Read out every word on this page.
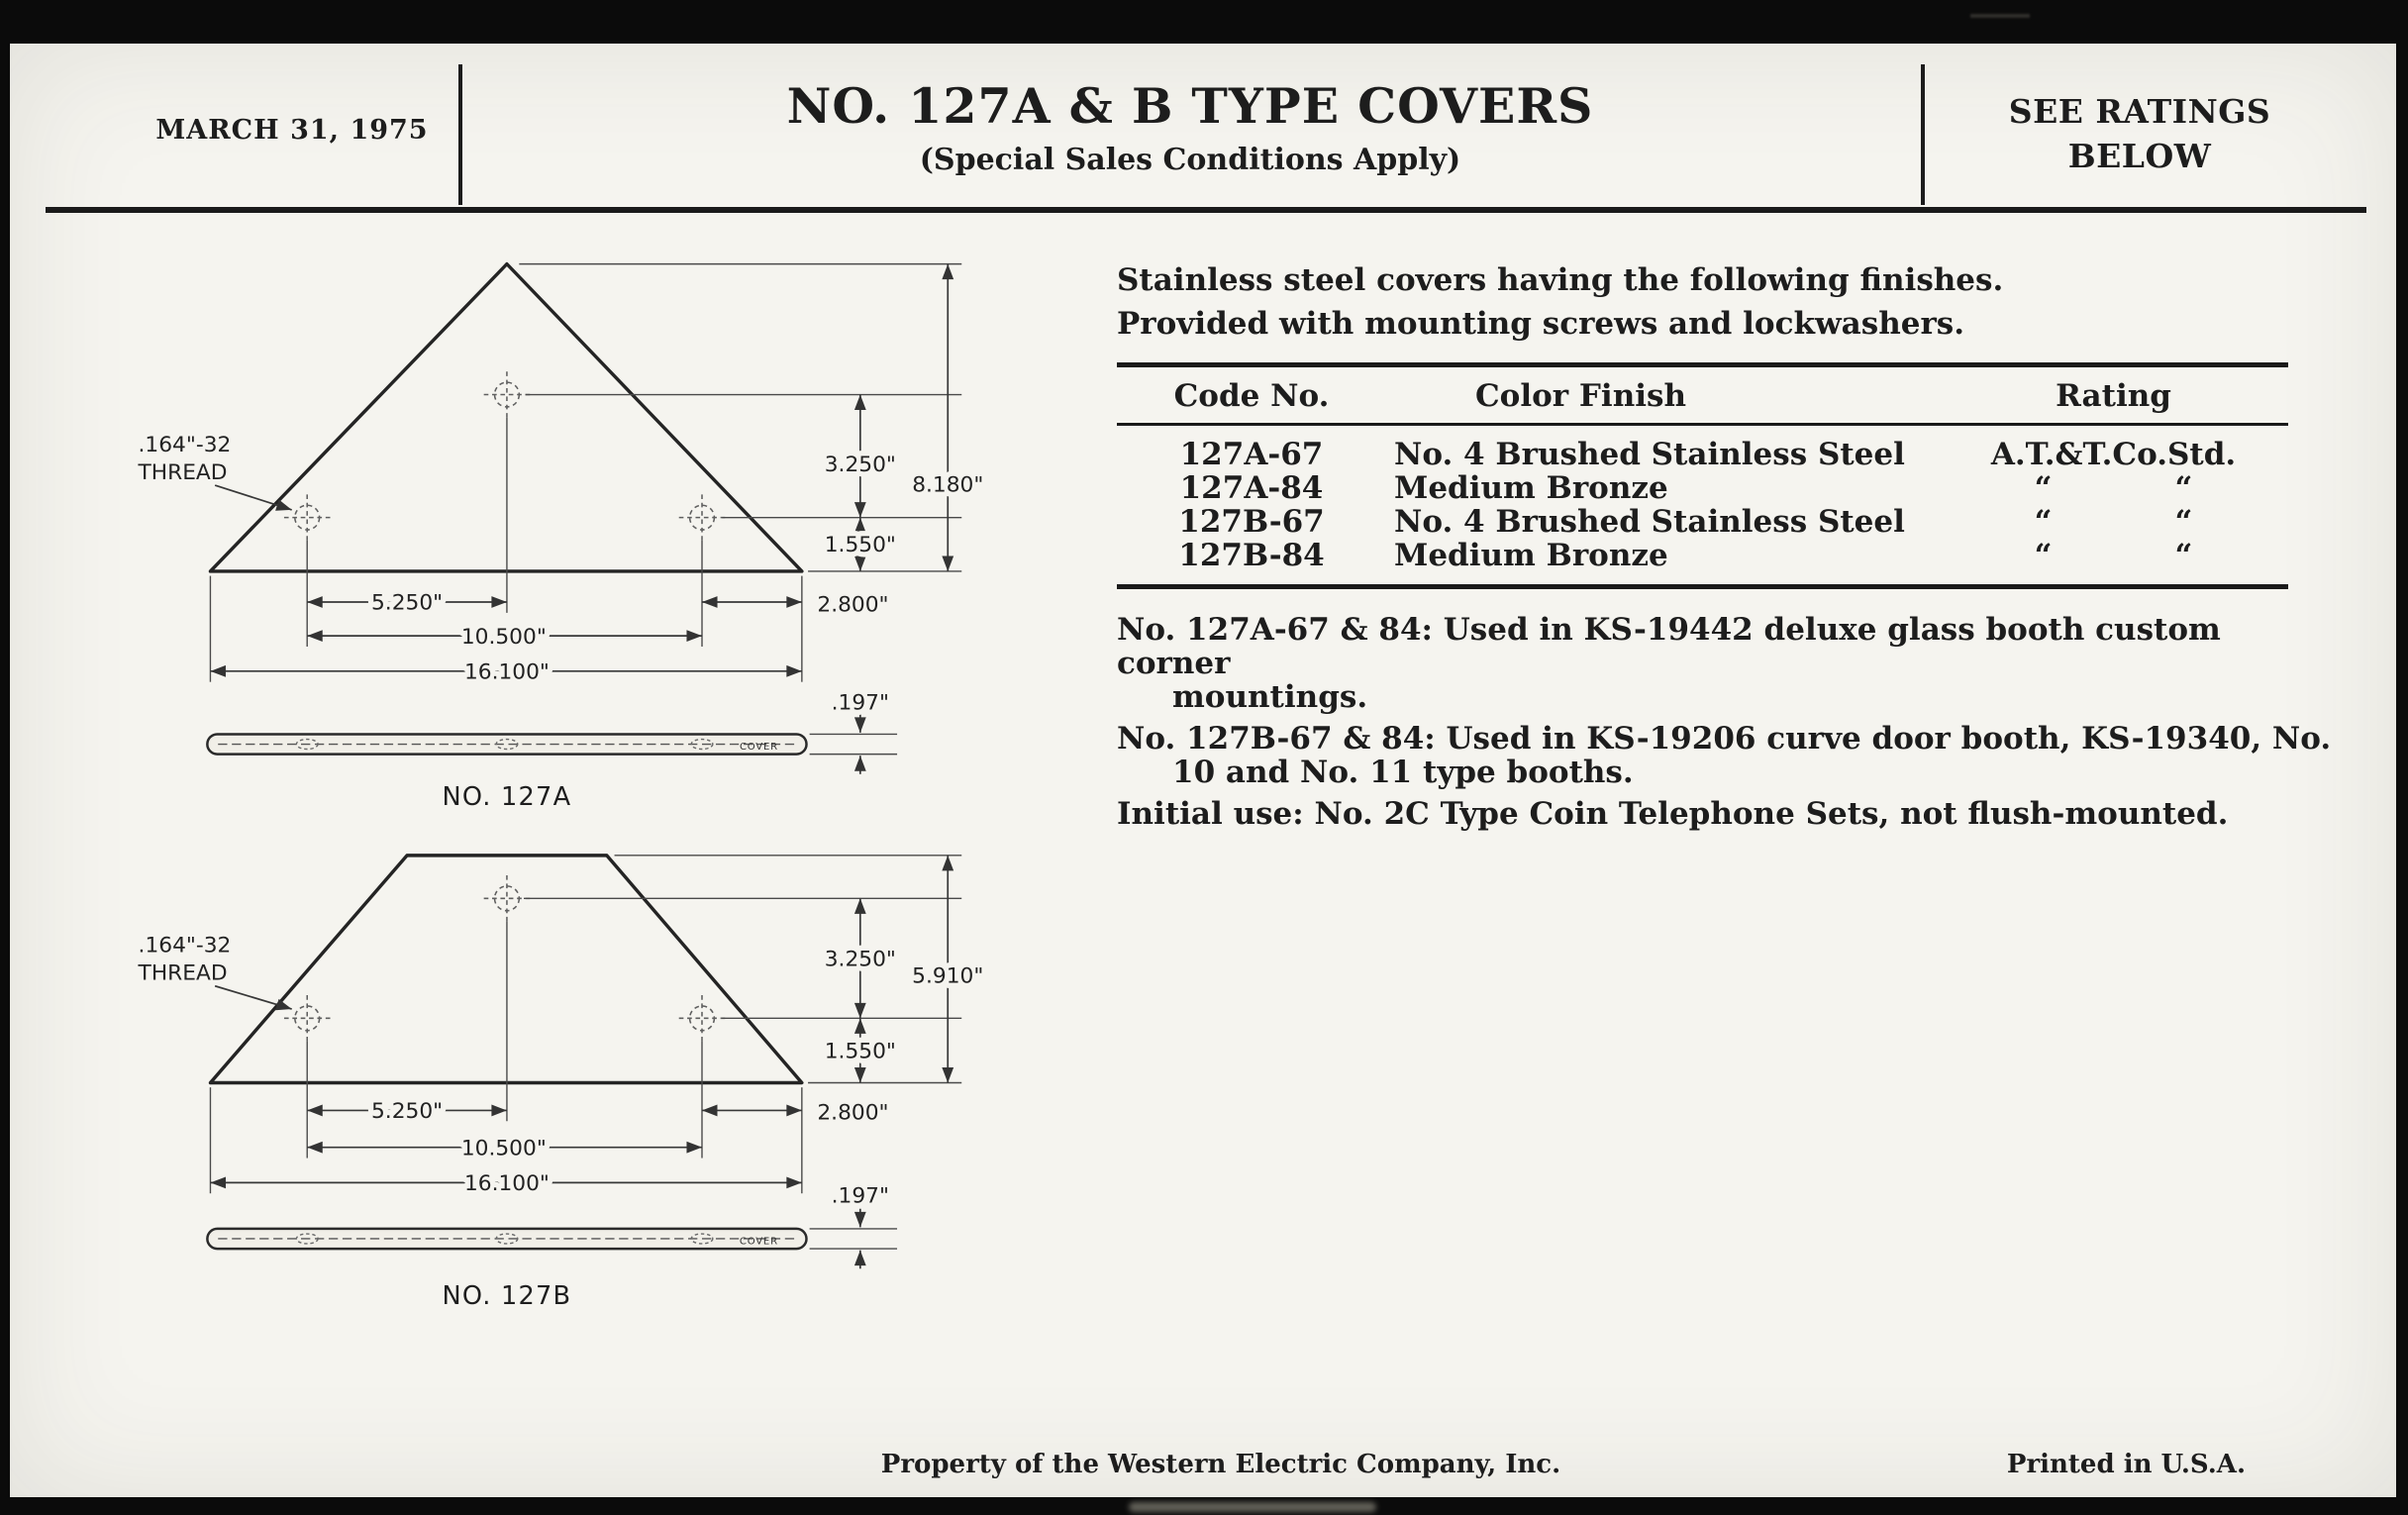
MARCH 31, 1975	NO. 127A & B TYPE COVERS
(Special Sales Conditions Apply)
SEE RATINGS
BELOW
.164"-32
THREAD	3.250"
8.180"
1.550"
2.800"
5.250"
10.500"
16.100"
.197"
COVER
NO. 127A
.164"-32
THREAD
3.250"
5.910"
1.550"
2.800"
5.250"
10.500"
16.100"	.197"
COVER
NO. 127B
Stainless steel covers having the following finishes.
Provided with mounting screws and lockwashers.
Code No.	Color Finish	Rating
127A-67	No. 4 Brushed Stainless Steel	A.T.&T.Co.Std.
127A-84	Medium Bronze	“    “
127B-67	No. 4 Brushed Stainless Steel	“    “
127B-84	Medium Bronze	“    “

No. 127A-67 & 84: Used in KS-19442 deluxe glass booth custom corner
mountings.

No. 127B-67 & 84: Used in KS-19206 curve door booth, KS-19340, No.
10 and No. 11 type booths.

Initial use: No. 2C Type Coin Telephone Sets, not flush-mounted.

Property of the Western Electric Company, Inc.	Printed in U.S.A.
